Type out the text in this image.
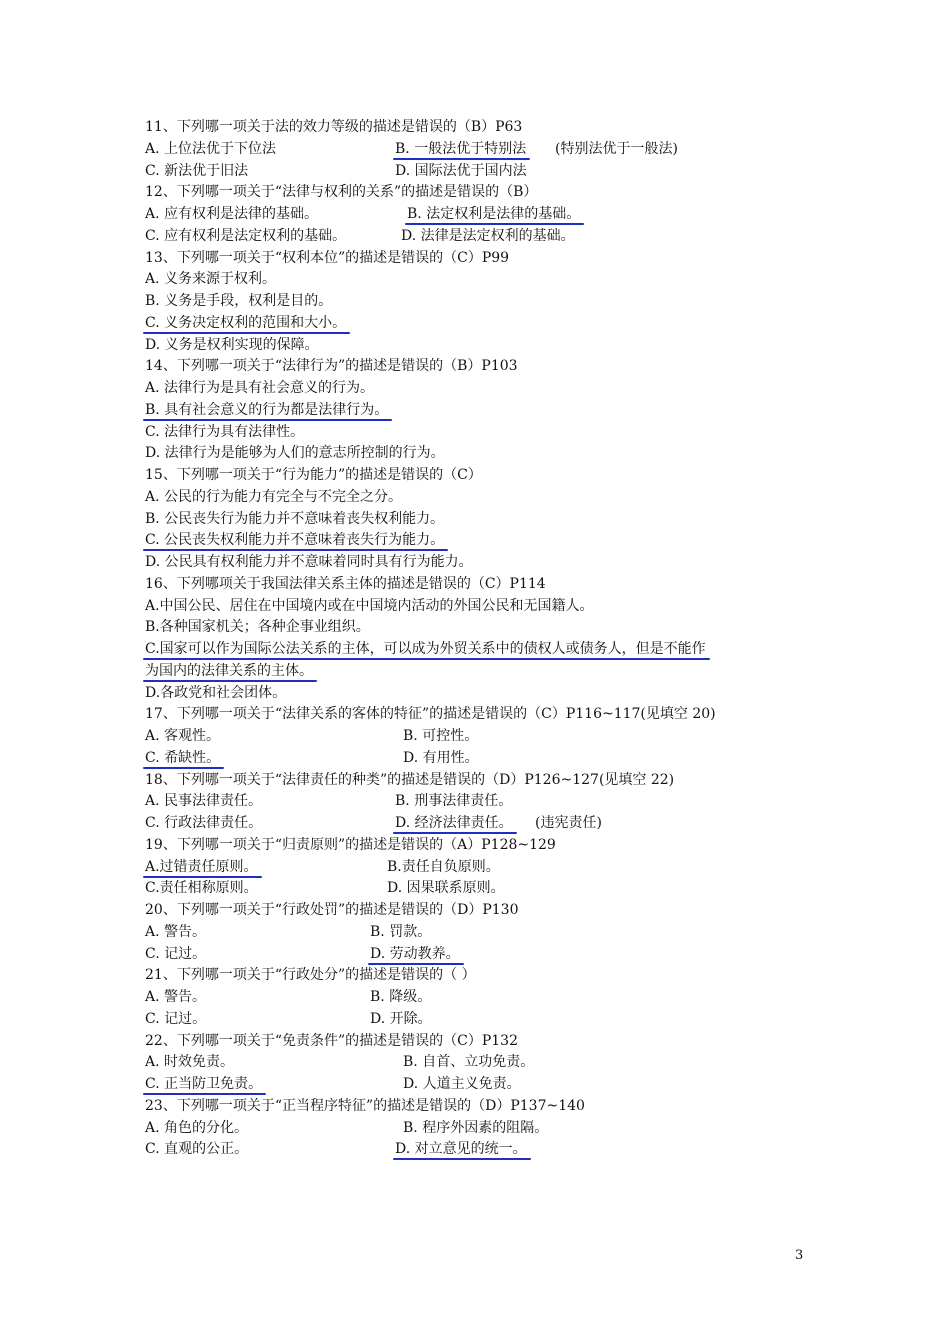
11、下列哪一项关于法的效力等级的描述是错误的（B）P63
A. 上位法优于下位法	B. 一般法优于特别法 (特别法优于一般法)
C. 新法优于旧法	D. 国际法优于国内法
12、下列哪一项关于“法律与权利的关系”的描述是错误的（B）
A. 应有权利是法律的基础。	B. 法定权利是法律的基础。
C. 应有权利是法定权利的基础。	D. 法律是法定权利的基础。
13、下列哪一项关于“权利本位”的描述是错误的（C）P99
A. 义务来源于权利。
B. 义务是手段，权利是目的。
C. 义务决定权利的范围和大小。
D. 义务是权利实现的保障。
14、下列哪一项关于“法律行为”的描述是错误的（B）P103
A. 法律行为是具有社会意义的行为。
B. 具有社会意义的行为都是法律行为。
C. 法律行为具有法律性。
D. 法律行为是能够为人们的意志所控制的行为。
15、下列哪一项关于“行为能力”的描述是错误的（C）
A. 公民的行为能力有完全与不完全之分。
B. 公民丧失行为能力并不意味着丧失权利能力。
C. 公民丧失权利能力并不意味着丧失行为能力。
D. 公民具有权利能力并不意味着同时具有行为能力。
16、下列哪项关于我国法律关系主体的描述是错误的（C）P114
A.中国公民、居住在中国境内或在中国境内活动的外国公民和无国籍人。
B.各种国家机关；各种企事业组织。
C.国家可以作为国际公法关系的主体，可以成为外贸关系中的债权人或债务人，但是不能作
为国内的法律关系的主体。
D.各政党和社会团体。
17、下列哪一项关于“法律关系的客体的特征”的描述是错误的（C）P116~117(见填空 20)
A. 客观性。	B. 可控性。
C. 希缺性。	D. 有用性。
18、下列哪一项关于“法律责任的种类”的描述是错误的（D）P126~127(见填空 22)
A. 民事法律责任。	B. 刑事法律责任。
C. 行政法律责任。	D. 经济法律责任。 (违宪责任)
19、下列哪一项关于“归责原则”的描述是错误的（A）P128~129
A.过错责任原则。	B.责任自负原则。
C.责任相称原则。	D. 因果联系原则。
20、下列哪一项关于“行政处罚”的描述是错误的（D）P130
A. 警告。	B. 罚款。
C. 记过。	D. 劳动教养。
21、下列哪一项关于“行政处分”的描述是错误的（ ）
A. 警告。	B. 降级。
C. 记过。	D. 开除。
22、下列哪一项关于“免责条件”的描述是错误的（C）P132
A. 时效免责。	B. 自首、立功免责。
C. 正当防卫免责。	D. 人道主义免责。
23、下列哪一项关于“正当程序特征”的描述是错误的（D）P137~140
A. 角色的分化。	B. 程序外因素的阻隔。
C. 直观的公正。	D. 对立意见的统一。
3
